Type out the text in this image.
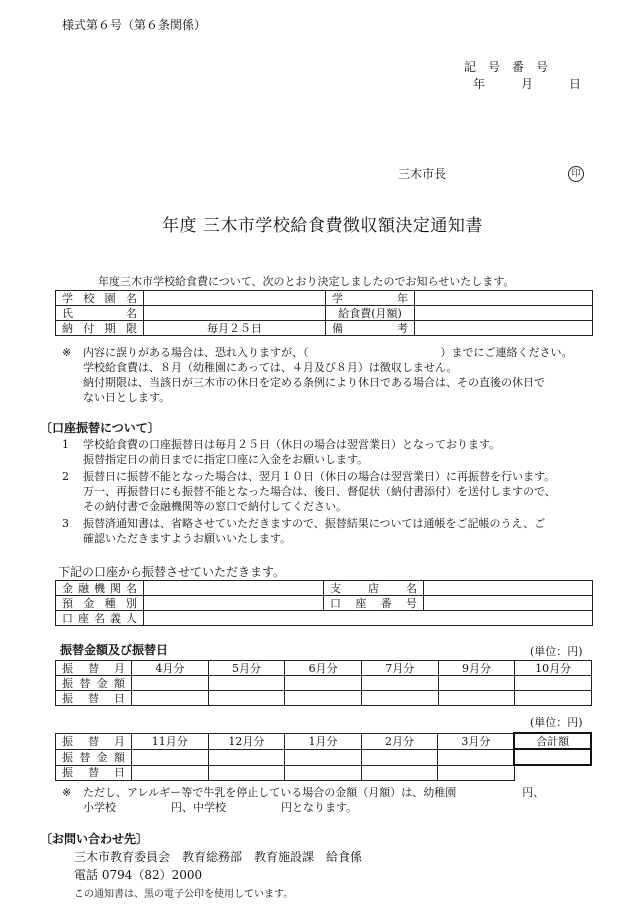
様式第６号（第６条関係）
記　号　番　号
年　　　月　　　日
三木市長	印
年度 三木市学校給食費徴収額決定通知書
年度三木市学校給食費について、次のとおり決定しましたのでお知らせいたします。
学校園名		学年	
氏名		給食費(月額)	
納付期限	毎月２５日	備考	
※ 内容に誤りがある場合は、恐れ入りますが、（　　　　　　　　　　　　）までにご連絡ください。
学校給食費は、８月（幼稚園にあっては、４月及び８月）は徴収しません。
納付期限は、当該日が三木市の休日を定める条例により休日である場合は、その直後の休日で
ない日とします。
〔口座振替について〕
1 学校給食費の口座振替日は毎月２５日（休日の場合は翌営業日）となっております。
振替指定日の前日までに指定口座に入金をお願いします。
2 振替日に振替不能となった場合は、翌月１０日（休日の場合は翌営業日）に再振替を行います。
万一、再振替日にも振替不能となった場合は、後日、督促状（納付書添付）を送付しますので、
その納付書で金融機関等の窓口で納付してください。
3 振替済通知書は、省略させていただきますので、振替結果については通帳をご記帳のうえ、ご
確認いただきますようお願いいたします。
下記の口座から振替させていただきます。
金融機関名		支店名	
預金種別		口座番号	
口座名義人			
振替金額及び振替日	(単位：円)
振替月	4月分	5月分	6月分	7月分	9月分	10月分
振替金額						
振替日						
(単位：円)
振替月	11月分	12月分	1月分	2月分	3月分	合計額
振替金額						
振替日						
※ ただし、アレルギー等で牛乳を停止している場合の金額（月額）は、幼稚園　　　　　　円、
小学校　　　　　円、中学校　　　　　円となります。
〔お問い合わせ先〕
三木市教育委員会　教育総務部　教育施設課　給食係
電話 0794（82）2000
この通知書は、黒の電子公印を使用しています。
